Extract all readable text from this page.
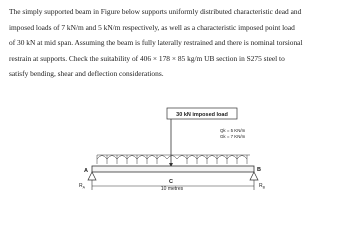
The simply supported beam in Figure below supports uniformly distributed characteristic dead and
imposed loads of 7 kN/m and 5 kN/m respectively, as well as a characteristic imposed point load
of 30 kN at mid span. Assuming the beam is fully laterally restrained and there is nominal torsional
restrain at supports. Check the suitability of 406 × 178 × 85 kg/m UB section in S275 steel to
satisfy bending, shear and deflection considerations.

30 kN imposed load
Qk = 5 KN/m
Gk = 7 KN/m
A	B
C
10 metres
$R_A$	$R_B$
